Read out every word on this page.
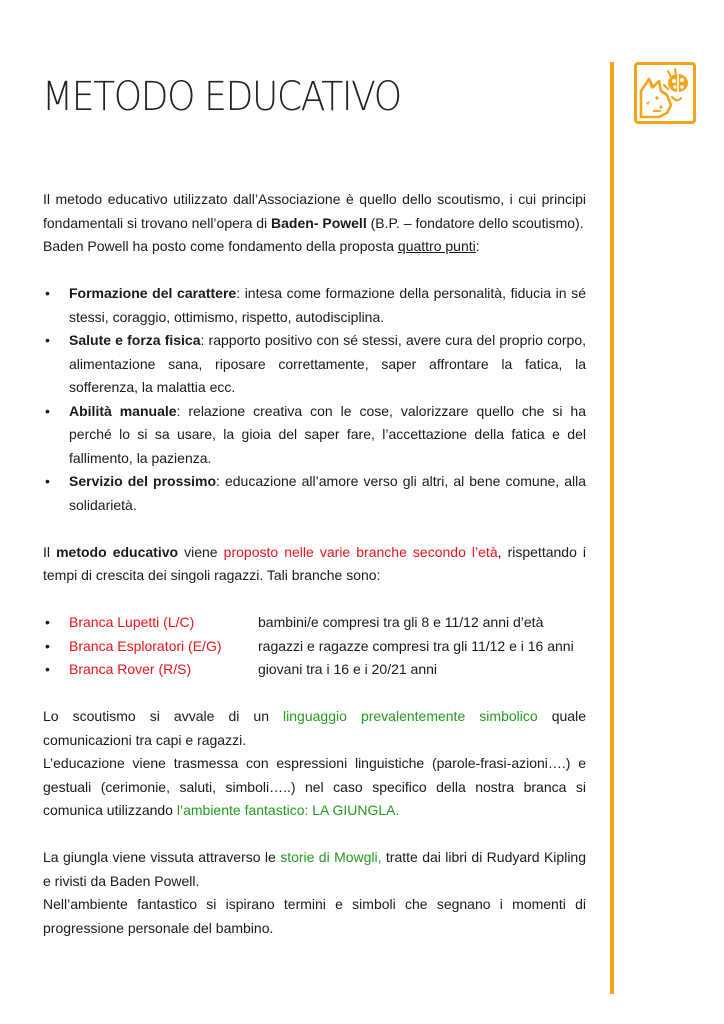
METODO EDUCATIVO

Il metodo educativo utilizzato dall’Associazione è quello dello scoutismo, i cui principi fondamentali si trovano nell’opera di Baden- Powell (B.P. – fondatore dello scoutismo).

Baden Powell ha posto come fondamento della proposta quattro punti:

• Formazione del carattere: intesa come formazione della personalità, fiducia in sé stessi, coraggio, ottimismo, rispetto, autodisciplina.
• Salute e forza fisica: rapporto positivo con sé stessi, avere cura del proprio corpo, alimentazione sana, riposare correttamente, saper affrontare la fatica, la sofferenza, la malattia ecc.
• Abilità manuale: relazione creativa con le cose, valorizzare quello che si ha perché lo si sa usare, la gioia del saper fare, l’accettazione della fatica e del fallimento, la pazienza.
• Servizio del prossimo: educazione all’amore verso gli altri, al bene comune, alla solidarietà.

Il metodo educativo viene proposto nelle varie branche secondo l’età, rispettando i tempi di crescita dei singoli ragazzi. Tali branche sono:

• Branca Lupetti (L/C)	bambini/e compresi tra gli 8 e 11/12 anni d’età
• Branca Esploratori (E/G)	ragazzi e ragazze compresi tra gli 11/12 e i 16 anni
• Branca Rover (R/S)	giovani tra i 16 e i 20/21 anni

Lo scoutismo si avvale di un linguaggio prevalentemente simbolico quale comunicazioni tra capi e ragazzi.

L’educazione viene trasmessa con espressioni linguistiche (parole-frasi-azioni….) e gestuali (cerimonie, saluti, simboli…..) nel caso specifico della nostra branca si comunica utilizzando l’ambiente fantastico: LA GIUNGLA.

La giungla viene vissuta attraverso le storie di Mowgli, tratte dai libri di Rudyard Kipling e rivisti da Baden Powell.

Nell’ambiente fantastico si ispirano termini e simboli che segnano i momenti di progressione personale del bambino.
